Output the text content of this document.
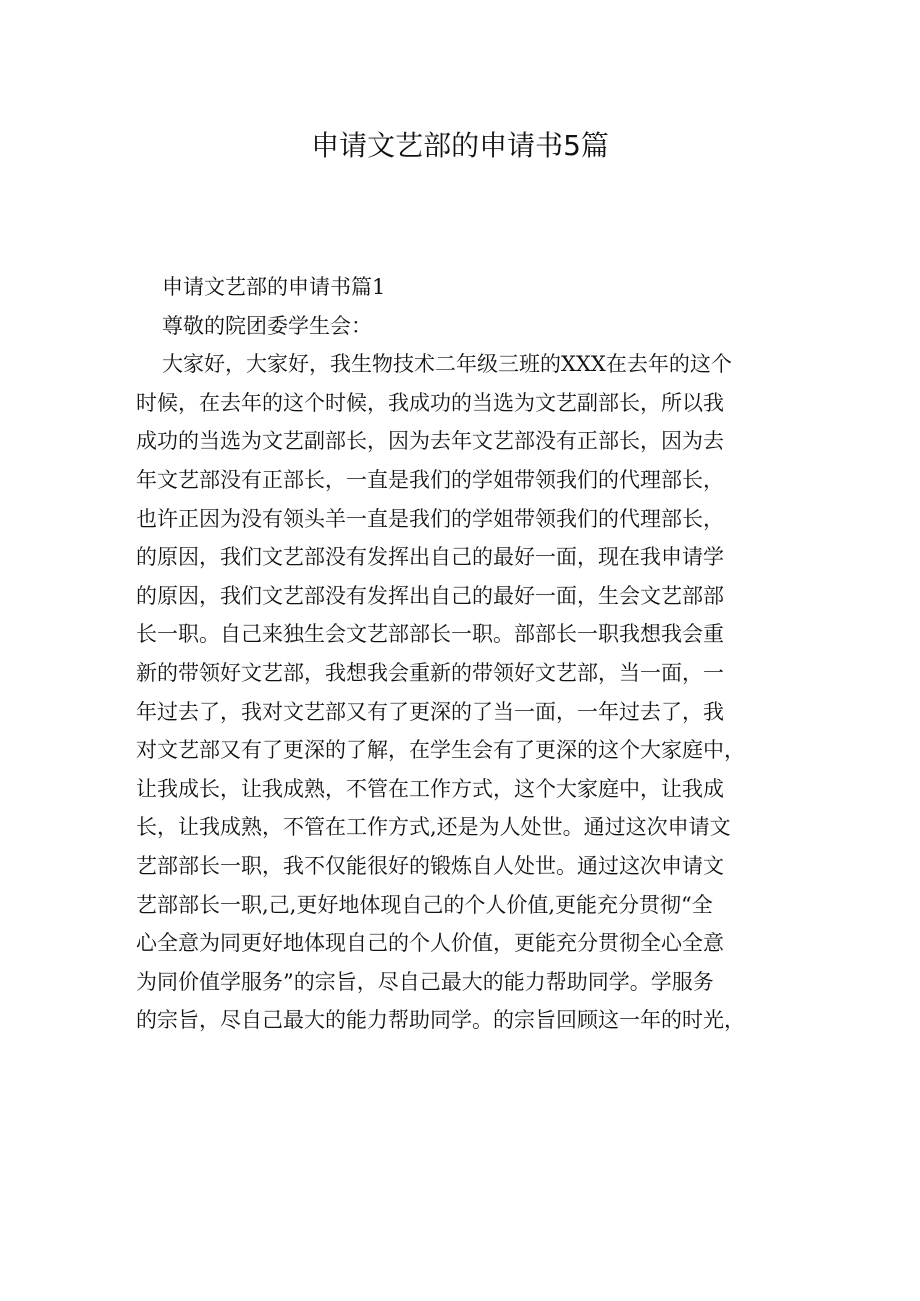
申请文艺部的申请书5篇
申请文艺部的申请书篇1
尊敬的院团委学生会：
大家好，大家好，我生物技术二年级三班的XXX在去年的这个
时候，在去年的这个时候，我成功的当选为文艺副部长，所以我
成功的当选为文艺副部长，因为去年文艺部没有正部长，因为去
年文艺部没有正部长，一直是我们的学姐带领我们的代理部长，
也许正因为没有领头羊一直是我们的学姐带领我们的代理部长，
的原因，我们文艺部没有发挥出自己的最好一面，现在我申请学
的原因，我们文艺部没有发挥出自己的最好一面，生会文艺部部
长一职。自己来独生会文艺部部长一职。部部长一职我想我会重
新的带领好文艺部，我想我会重新的带领好文艺部，当一面，一
年过去了，我对文艺部又有了更深的了当一面，一年过去了，我
对文艺部又有了更深的了解，在学生会有了更深的这个大家庭中，
让我成长，让我成熟，不管在工作方式，这个大家庭中，让我成
长，让我成熟，不管在工作方式,还是为人处世。通过这次申请文
艺部部长一职，我不仅能很好的锻炼自人处世。通过这次申请文
艺部部长一职,己,更好地体现自己的个人价值,更能充分贯彻“全
心全意为同更好地体现自己的个人价值，更能充分贯彻全心全意
为同价值学服务”的宗旨，尽自己最大的能力帮助同学。学服务
的宗旨，尽自己最大的能力帮助同学。的宗旨回顾这一年的时光，
